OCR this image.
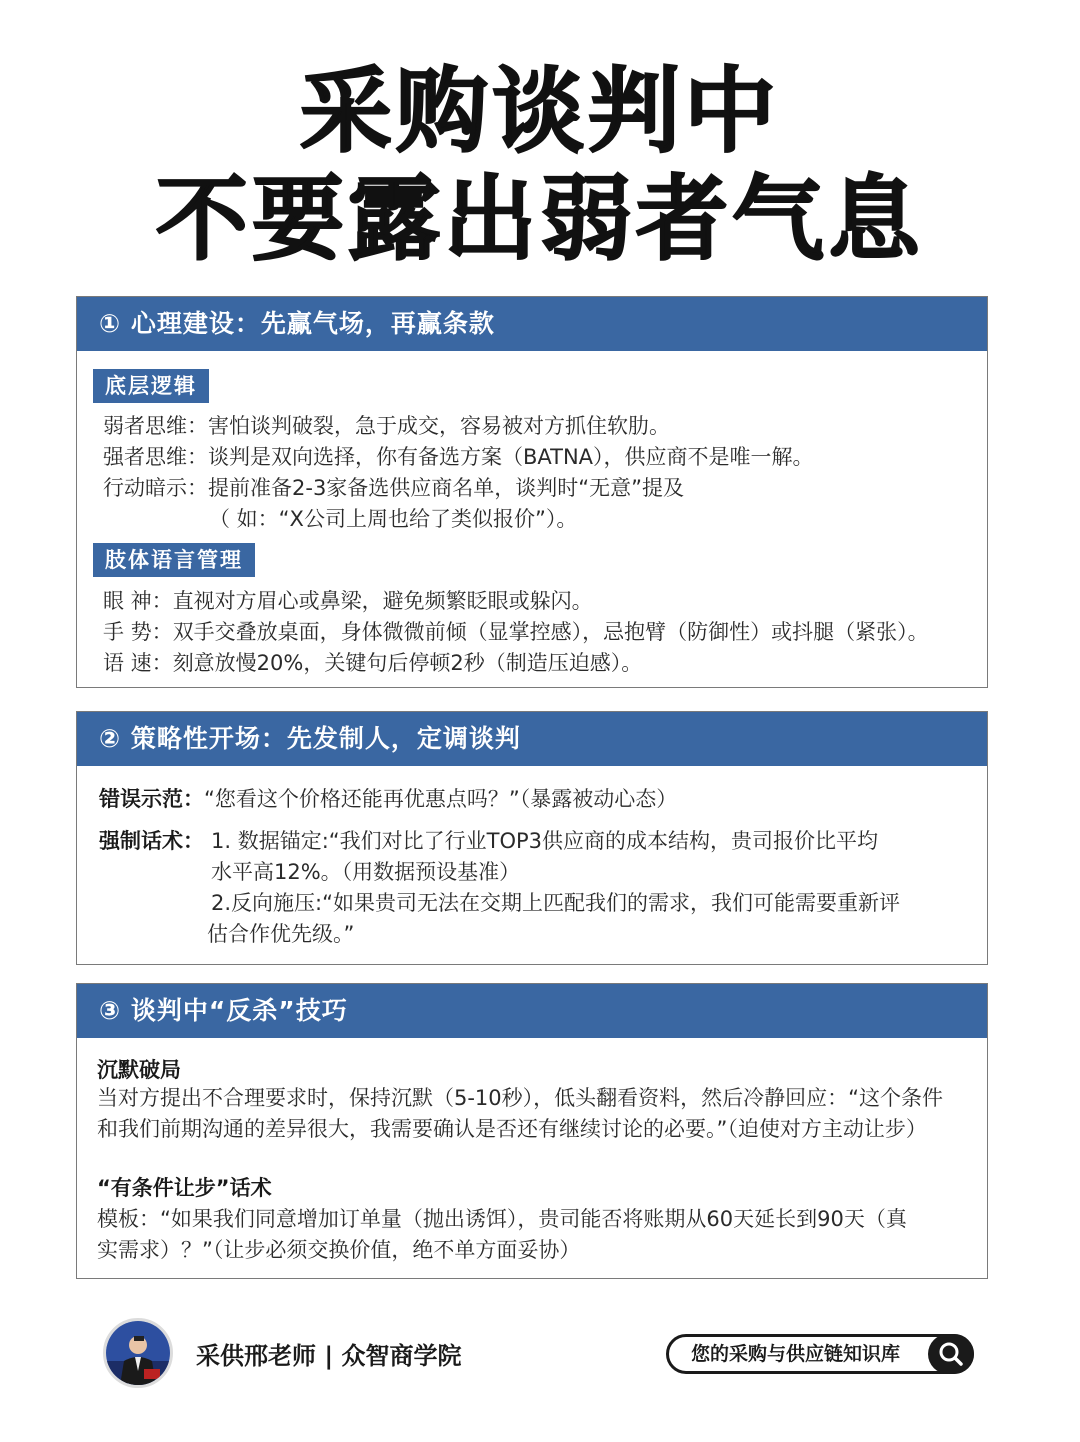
采购谈判中
不要露出弱者气息
① 心理建设：先赢气场，再赢条款
底层逻辑
弱者思维：害怕谈判破裂，急于成交，容易被对方抓住软肋。
强者思维：谈判是双向选择，你有备选方案（BATNA），供应商不是唯一解。
行动暗示：提前准备2-3家备选供应商名单，谈判时“无意”提及
（ 如：“X公司上周也给了类似报价”）。
肢体语言管理
眼 神：直视对方眉心或鼻梁，避免频繁眨眼或躲闪。
手 势：双手交叠放桌面，身体微微前倾（显掌控感），忌抱臂（防御性）或抖腿（紧张）。
语 速：刻意放慢20%，关键句后停顿2秒（制造压迫感）。
② 策略性开场：先发制人，定调谈判
错误示范：“您看这个价格还能再优惠点吗？”（暴露被动心态）
强制话术： 1. 数据锚定:“我们对比了行业TOP3供应商的成本结构，贵司报价比平均
水平高12%。（用数据预设基准）
2.反向施压:“如果贵司无法在交期上匹配我们的需求，我们可能需要重新评
估合作优先级。”
③ 谈判中“反杀”技巧
沉默破局
当对方提出不合理要求时，保持沉默（5-10秒），低头翻看资料，然后冷静回应：“这个条件
和我们前期沟通的差异很大，我需要确认是否还有继续讨论的必要。”（迫使对方主动让步）
“有条件让步”话术
模板：“如果我们同意增加订单量（抛出诱饵），贵司能否将账期从60天延长到90天（真
实需求）？”（让步必须交换价值，绝不单方面妥协）
采供邢老师 | 众智商学院	您的采购与供应链知识库
